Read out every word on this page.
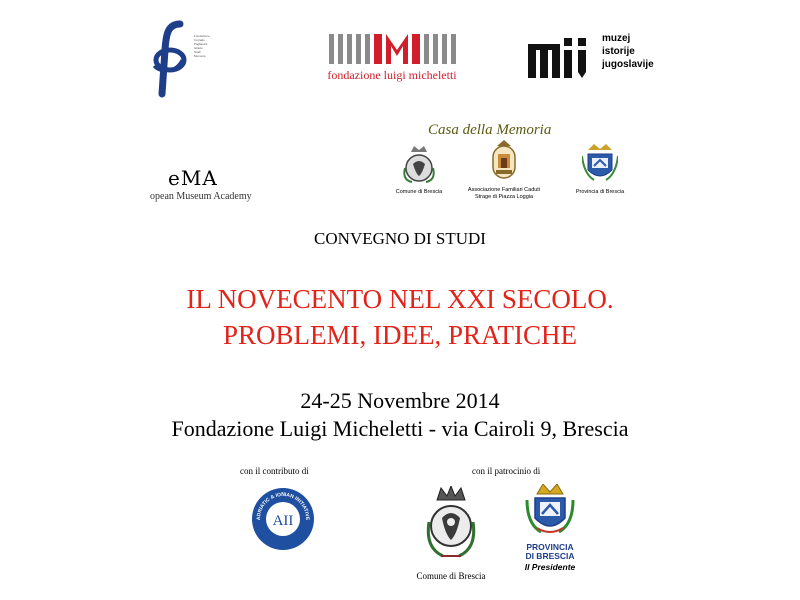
Fondazione
Corrado
Pagliarani
Istituto
Studi
Memorie
fondazione luigi micheletti
muzej
istorije
jugoslavije
eMA
opean Museum Academy
Casa della Memoria
Comune di Brescia	Associazione Familiari Caduti
Strage di Piazza Loggia
Provincia di Brescia
CONVEGNO DI STUDI
IL NOVECENTO NEL XXI SECOLO.
PROBLEMI, IDEE, PRATICHE
24-25 Novembre 2014
Fondazione Luigi Micheletti - via Cairoli 9, Brescia
con il contributo di	con il patrocinio di
ADRIATIC & IONIAN INITIATIVE
AII
Comune di Brescia
PROVINCIA
DI BRESCIA
Il Presidente
